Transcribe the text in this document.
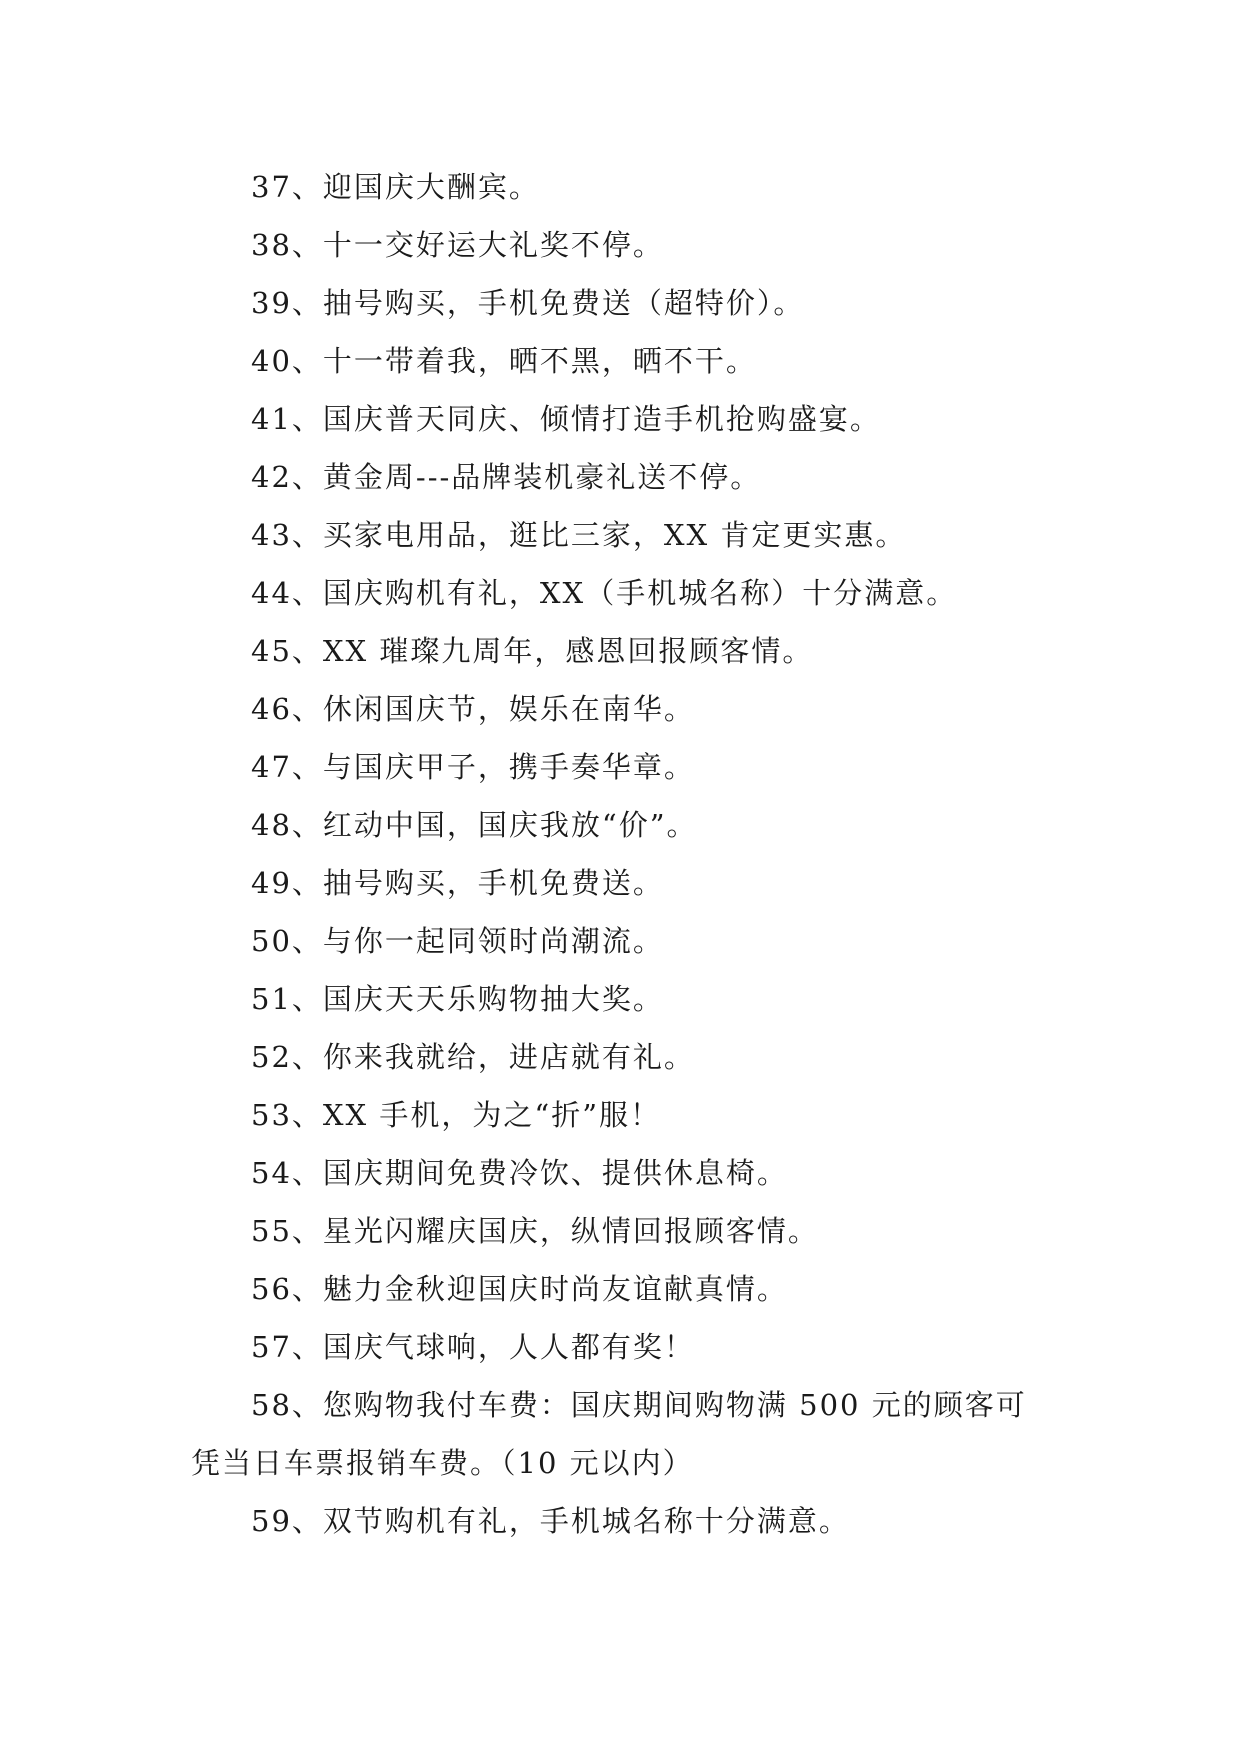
37、迎国庆大酬宾。

38、十一交好运大礼奖不停。

39、抽号购买，手机免费送（超特价）。

40、十一带着我，晒不黑，晒不干。

41、国庆普天同庆、倾情打造手机抢购盛宴。

42、黄金周---品牌装机豪礼送不停。

43、买家电用品，逛比三家，XX 肯定更实惠。

44、国庆购机有礼，XX（手机城名称）十分满意。

45、XX 璀璨九周年，感恩回报顾客情。

46、休闲国庆节，娱乐在南华。

47、与国庆甲子，携手奏华章。

48、红动中国，国庆我放“价”。

49、抽号购买，手机免费送。

50、与你一起同领时尚潮流。

51、国庆天天乐购物抽大奖。

52、你来我就给，进店就有礼。

53、XX 手机，为之“折”服！

54、国庆期间免费冷饮、提供休息椅。

55、星光闪耀庆国庆，纵情回报顾客情。

56、魅力金秋迎国庆时尚友谊献真情。

57、国庆气球响，人人都有奖！

58、您购物我付车费：国庆期间购物满 500 元的顾客可凭当日车票报销车费。（10 元以内）

59、双节购机有礼，手机城名称十分满意。
